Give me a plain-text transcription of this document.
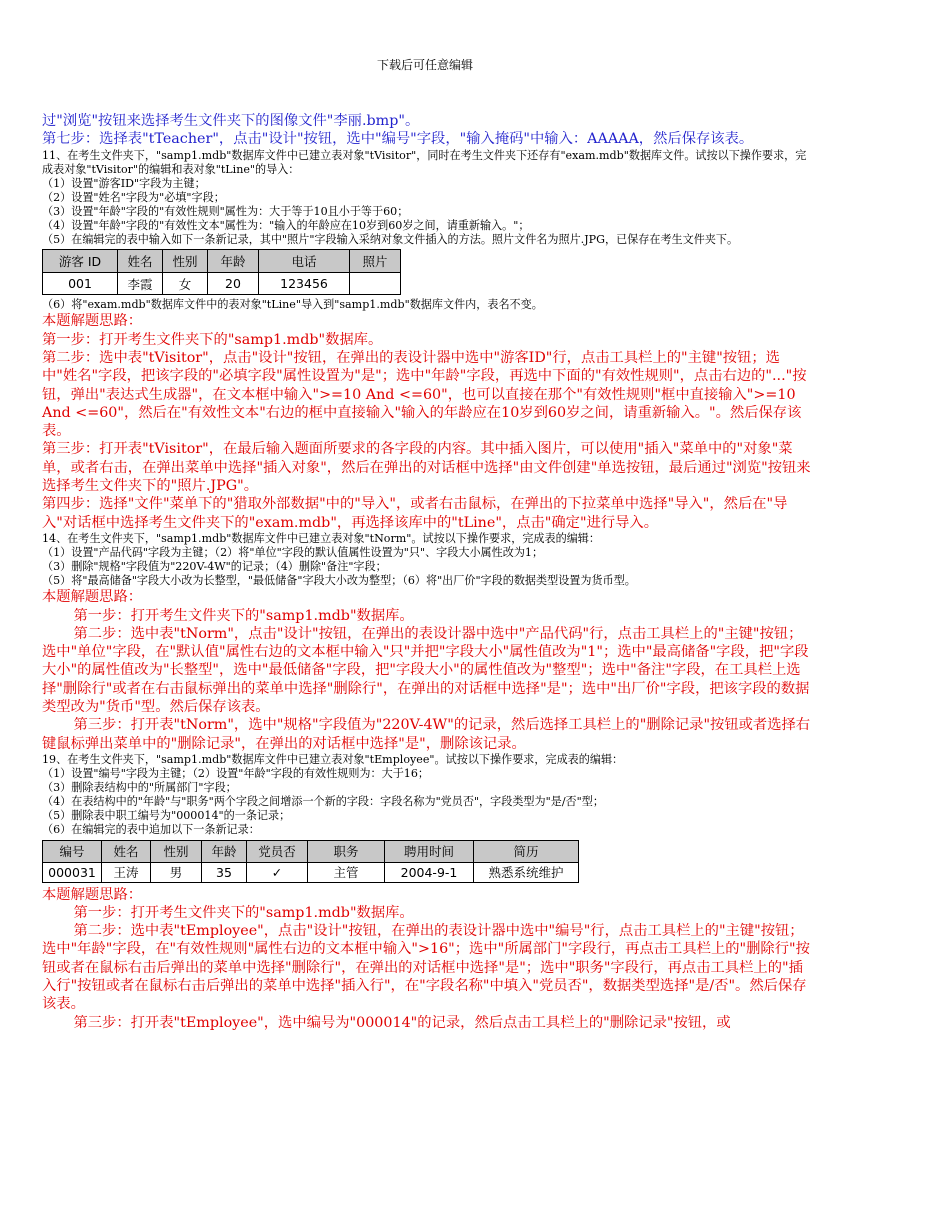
下载后可任意编辑

过"浏览"按钮来选择考生文件夹下的图像文件"李丽.bmp"。

第七步：选择表"tTeacher"，点击"设计"按钮，选中"编号"字段，"输入掩码"中输入：AAAAA，然后保存该表。

11、在考生文件夹下，"samp1.mdb"数据库文件中已建立表对象"tVisitor"，同时在考生文件夹下还存有"exam.mdb"数据库文件。试按以下操作要求，完成表对象"tVisitor"的编辑和表对象"tLine"的导入：

（1）设置"游客ID"字段为主键；

（2）设置"姓名"字段为"必填"字段；

（3）设置"年龄"字段的"有效性规则"属性为：大于等于10且小于等于60；

（4）设置"年龄"字段的"有效性文本"属性为："输入的年龄应在10岁到60岁之间，请重新输入。"；

（5）在编辑完的表中输入如下一条新记录，其中"照片"字段输入采纳对象文件插入的方法。照片文件名为照片.JPG，已保存在考生文件夹下。

游客 ID	姓名	性别	年龄	电话	照片
001	李霞	女	20	123456	

（6）将"exam.mdb"数据库文件中的表对象"tLine"导入到"samp1.mdb"数据库文件内，表名不变。

本题解题思路：

第一步：打开考生文件夹下的"samp1.mdb"数据库。

第二步：选中表"tVisitor"，点击"设计"按钮，在弹出的表设计器中选中"游客ID"行，点击工具栏上的"主键"按钮；选中"姓名"字段，把该字段的"必填字段"属性设置为"是"；选中"年龄"字段，再选中下面的"有效性规则"，点击右边的"..."按钮，弹出"表达式生成器"，在文本框中输入">=10 And <=60"，也可以直接在那个"有效性规则"框中直接输入">=10 And <=60"，然后在"有效性文本"右边的框中直接输入"输入的年龄应在10岁到60岁之间，请重新输入。"。然后保存该表。

第三步：打开表"tVisitor"，在最后输入题面所要求的各字段的内容。其中插入图片，可以使用"插入"菜单中的"对象"菜单，或者右击，在弹出菜单中选择"插入对象"，然后在弹出的对话框中选择"由文件创建"单选按钮，最后通过"浏览"按钮来选择考生文件夹下的"照片.JPG"。

第四步：选择"文件"菜单下的"猎取外部数据"中的"导入"，或者右击鼠标，在弹出的下拉菜单中选择"导入"，然后在"导入"对话框中选择考生文件夹下的"exam.mdb"，再选择该库中的"tLine"，点击"确定"进行导入。

14、在考生文件夹下，"samp1.mdb"数据库文件中已建立表对象"tNorm"。试按以下操作要求，完成表的编辑：

（1）设置"产品代码"字段为主键；（2）将"单位"字段的默认值属性设置为"只"、字段大小属性改为1；

（3）删除"规格"字段值为"220V-4W"的记录；（4）删除"备注"字段；

（5）将"最高储备"字段大小改为长整型，"最低储备"字段大小改为整型；（6）将"出厂价"字段的数据类型设置为货币型。

本题解题思路：

第一步：打开考生文件夹下的"samp1.mdb"数据库。

第二步：选中表"tNorm"，点击"设计"按钮，在弹出的表设计器中选中"产品代码"行，点击工具栏上的"主键"按钮；选中"单位"字段，在"默认值"属性右边的文本框中输入"只"并把"字段大小"属性值改为"1"；选中"最高储备"字段，把"字段大小"的属性值改为"长整型"，选中"最低储备"字段，把"字段大小"的属性值改为"整型"；选中"备注"字段，在工具栏上选择"删除行"或者在右击鼠标弹出的菜单中选择"删除行"，在弹出的对话框中选择"是"；选中"出厂价"字段，把该字段的数据类型改为"货币"型。然后保存该表。

第三步：打开表"tNorm"，选中"规格"字段值为"220V-4W"的记录，然后选择工具栏上的"删除记录"按钮或者选择右键鼠标弹出菜单中的"删除记录"，在弹出的对话框中选择"是"，删除该记录。

19、在考生文件夹下，"samp1.mdb"数据库文件中已建立表对象"tEmployee"。试按以下操作要求，完成表的编辑：

（1）设置"编号"字段为主键；（2）设置"年龄"字段的有效性规则为：大于16；

（3）删除表结构中的"所属部门"字段；

（4）在表结构中的"年龄"与"职务"两个字段之间增添一个新的字段：字段名称为"党员否"，字段类型为"是/否"型；

（5）删除表中职工编号为"000014"的一条记录；

（6）在编辑完的表中追加以下一条新记录：

编号	姓名	性别	年龄	党员否	职务	聘用时间	简历
000031	王涛	男	35	✓	主管	2004-9-1	熟悉系统维护

本题解题思路：

第一步：打开考生文件夹下的"samp1.mdb"数据库。

第二步：选中表"tEmployee"，点击"设计"按钮，在弹出的表设计器中选中"编号"行，点击工具栏上的"主键"按钮；选中"年龄"字段，在"有效性规则"属性右边的文本框中输入">16"；选中"所属部门"字段行，再点击工具栏上的"删除行"按钮或者在鼠标右击后弹出的菜单中选择"删除行"，在弹出的对话框中选择"是"；选中"职务"字段行，再点击工具栏上的"插入行"按钮或者在鼠标右击后弹出的菜单中选择"插入行"，在"字段名称"中填入"党员否"，数据类型选择"是/否"。然后保存该表。

第三步：打开表"tEmployee"，选中编号为"000014"的记录，然后点击工具栏上的"删除记录"按钮，或
